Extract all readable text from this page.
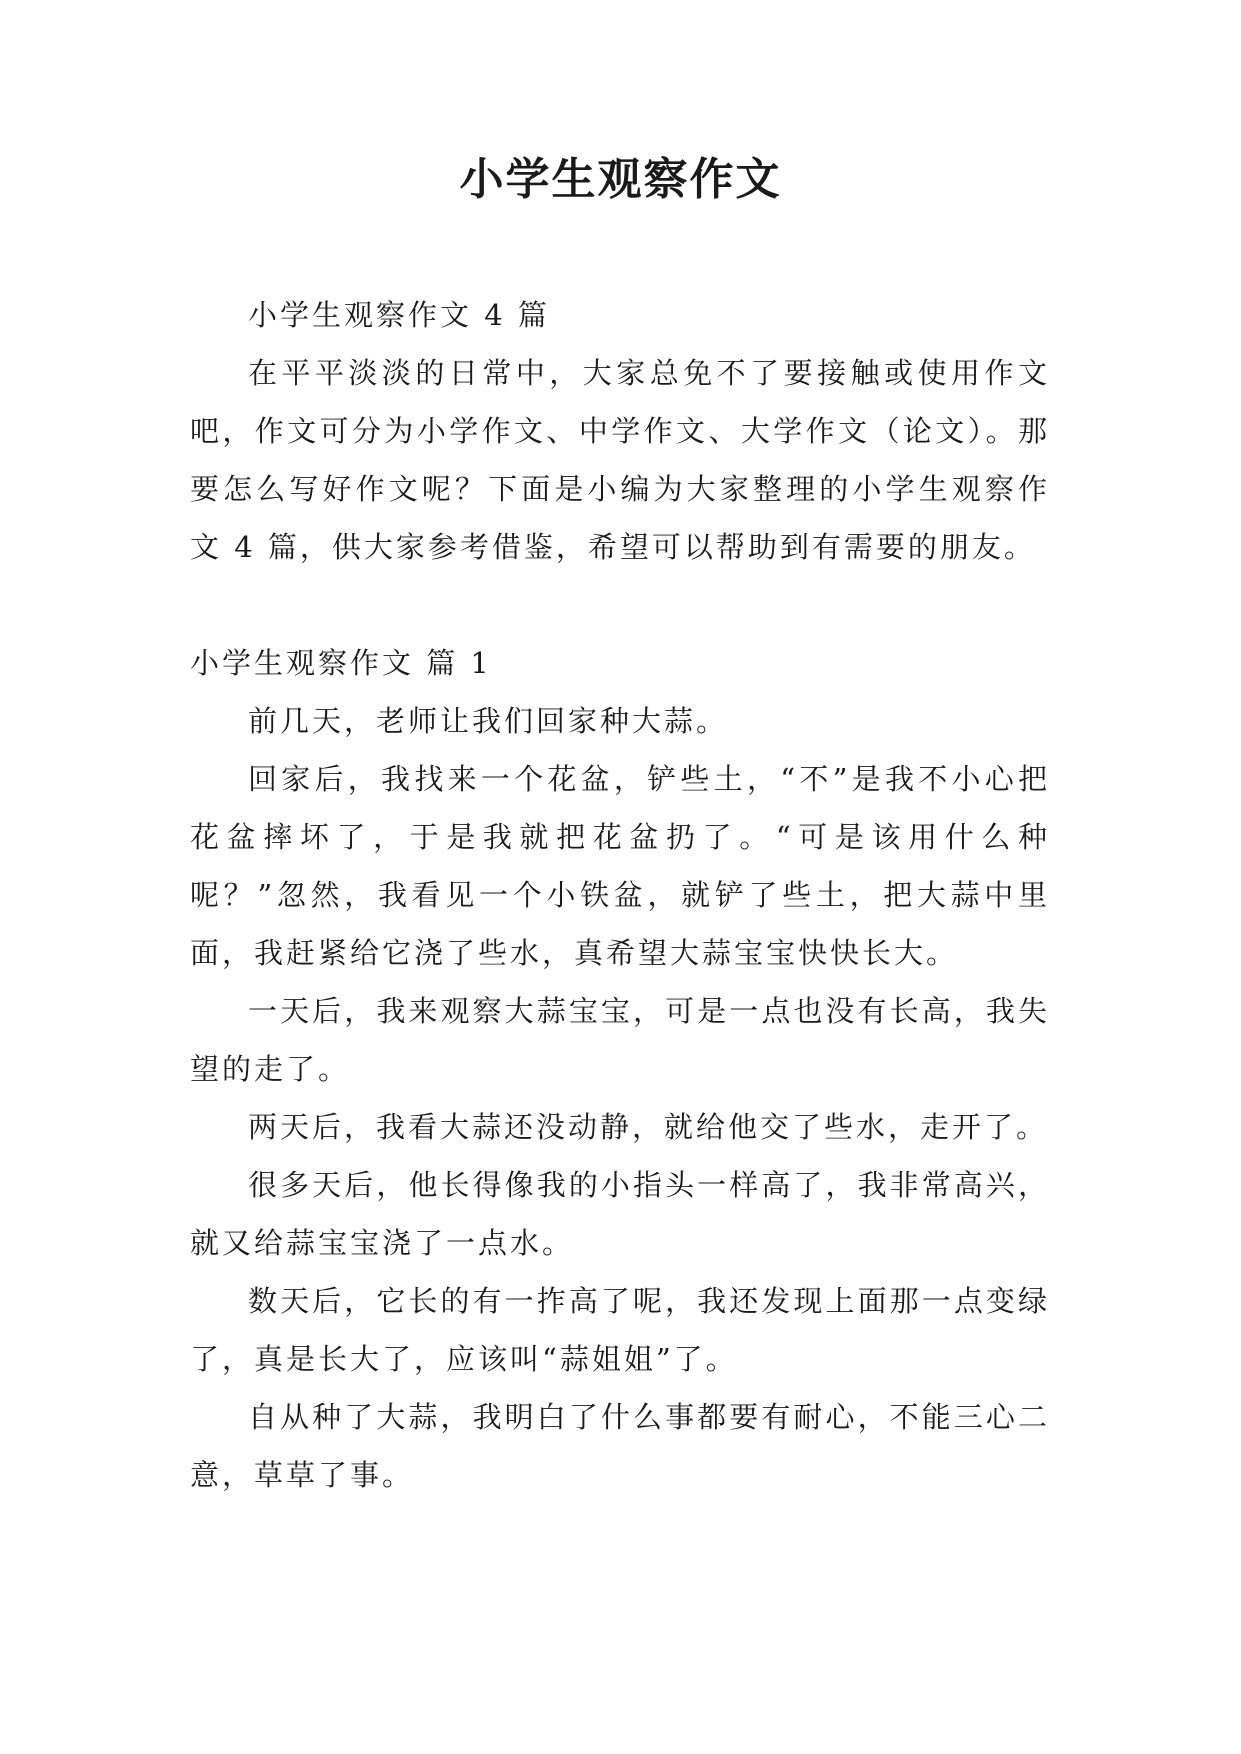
小学生观察作文

小学生观察作文 4 篇

在平平淡淡的日常中，大家总免不了要接触或使用作文吧，作文可分为小学作文、中学作文、大学作文（论文）。那要怎么写好作文呢？下面是小编为大家整理的小学生观察作文 4 篇，供大家参考借鉴，希望可以帮助到有需要的朋友。

小学生观察作文 篇 1

前几天，老师让我们回家种大蒜。

回家后，我找来一个花盆，铲些土，“不”是我不小心把花盆摔坏了，于是我就把花盆扔了。“可是该用什么种呢？”忽然，我看见一个小铁盆，就铲了些土，把大蒜中里面，我赶紧给它浇了些水，真希望大蒜宝宝快快长大。

一天后，我来观察大蒜宝宝，可是一点也没有长高，我失望的走了。

两天后，我看大蒜还没动静，就给他交了些水，走开了。

很多天后，他长得像我的小指头一样高了，我非常高兴，就又给蒜宝宝浇了一点水。

数天后，它长的有一拃高了呢，我还发现上面那一点变绿了，真是长大了，应该叫“蒜姐姐”了。

自从种了大蒜，我明白了什么事都要有耐心，不能三心二意，草草了事。
